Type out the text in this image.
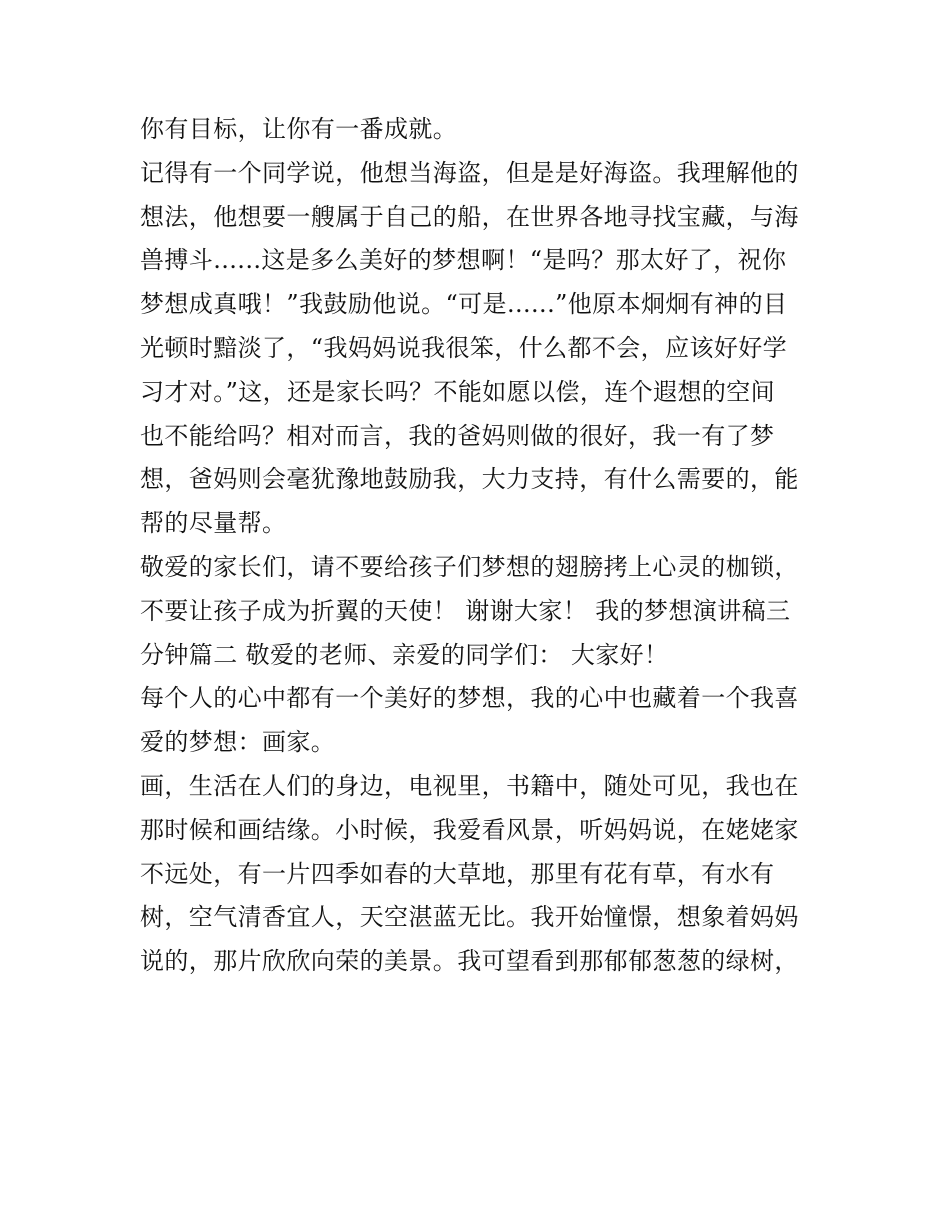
你有目标，让你有一番成就。
记得有一个同学说，他想当海盗，但是是好海盗。我理解他的
想法，他想要一艘属于自己的船，在世界各地寻找宝藏，与海
兽搏斗......这是多么美好的梦想啊！“是吗？那太好了，祝你
梦想成真哦！”我鼓励他说。“可是......”他原本炯炯有神的目
光顿时黯淡了，“我妈妈说我很笨，什么都不会，应该好好学
习才对。”这，还是家长吗？不能如愿以偿，连个遐想的空间
也不能给吗？相对而言，我的爸妈则做的很好，我一有了梦
想，爸妈则会毫犹豫地鼓励我，大力支持，有什么需要的，能
帮的尽量帮。
敬爱的家长们，请不要给孩子们梦想的翅膀拷上心灵的枷锁，
不要让孩子成为折翼的天使！ 谢谢大家！ 我的梦想演讲稿三
分钟篇二 敬爱的老师、亲爱的同学们： 大家好！
每个人的心中都有一个美好的梦想，我的心中也藏着一个我喜
爱的梦想：画家。
画，生活在人们的身边，电视里，书籍中，随处可见，我也在
那时候和画结缘。小时候，我爱看风景，听妈妈说，在姥姥家
不远处，有一片四季如春的大草地，那里有花有草，有水有
树，空气清香宜人，天空湛蓝无比。我开始憧憬，想象着妈妈
说的，那片欣欣向荣的美景。我可望看到那郁郁葱葱的绿树，
